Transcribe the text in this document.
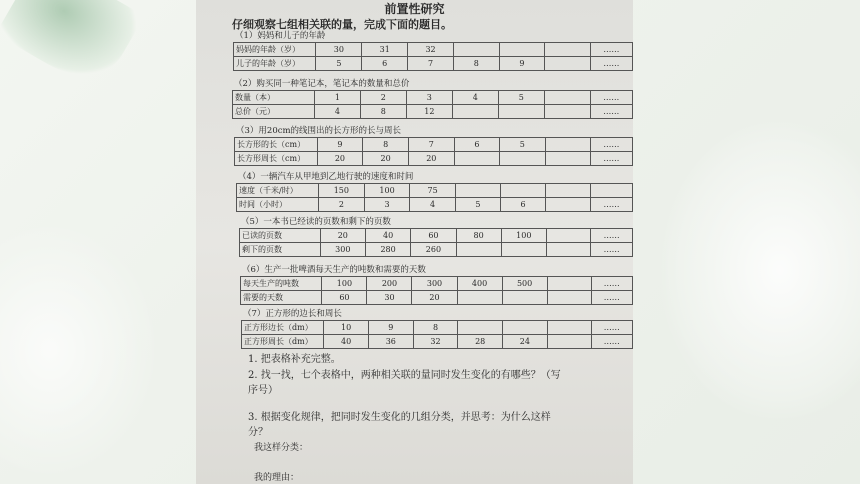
前置性研究
仔细观察七组相关联的量，完成下面的题目。
（1）妈妈和儿子的年龄
妈妈的年龄（岁）	30	31	32				……
儿子的年龄（岁）	5	6	7	8	9		……
（2）购买同一种笔记本，笔记本的数量和总价
数量（本）	1	2	3	4	5		……
总价（元）	4	8	12				……
（3）用20cm的线围出的长方形的长与周长
长方形的长（cm）	9	8	7	6	5		……
长方形周长（cm）	20	20	20				……
（4）一辆汽车从甲地到乙地行驶的速度和时间
速度（千米/时）	150	100	75				
时间（小时）	2	3	4	5	6		……
（5）一本书已经读的页数和剩下的页数
已读的页数	20	40	60	80	100		……
剩下的页数	300	280	260				……
（6）生产一批啤酒每天生产的吨数和需要的天数
每天生产的吨数	100	200	300	400	500		……
需要的天数	60	30	20				……
（7）正方形的边长和周长
正方形边长（dm）	10	9	8				……
正方形周长（dm）	40	36	32	28	24		……
1. 把表格补充完整。
2. 找一找，七个表格中，两种相关联的量同时发生变化的有哪些？（写
序号）
3. 根据变化规律，把同时发生变化的几组分类，并思考：为什么这样
分？
我这样分类：
我的理由：
